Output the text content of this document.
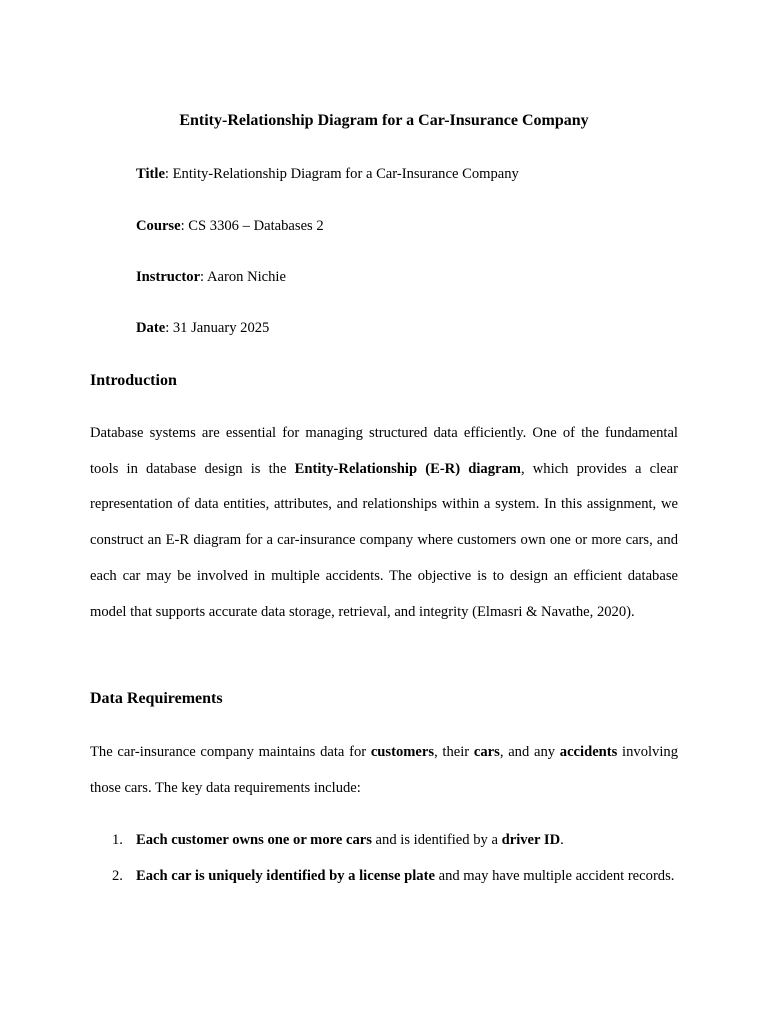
Entity-Relationship Diagram for a Car-Insurance Company
Title: Entity-Relationship Diagram for a Car-Insurance Company
Course: CS 3306 – Databases 2
Instructor: Aaron Nichie
Date: 31 January 2025
Introduction

Database systems are essential for managing structured data efficiently. One of the fundamental tools in database design is the Entity-Relationship (E-R) diagram, which provides a clear representation of data entities, attributes, and relationships within a system. In this assignment, we construct an E-R diagram for a car-insurance company where customers own one or more cars, and each car may be involved in multiple accidents. The objective is to design an efficient database model that supports accurate data storage, retrieval, and integrity (Elmasri & Navathe, 2020).

Data Requirements

The car-insurance company maintains data for customers, their cars, and any accidents involving those cars. The key data requirements include:

1. Each customer owns one or more cars and is identified by a driver ID.
2. Each car is uniquely identified by a license plate and may have multiple accident records.
